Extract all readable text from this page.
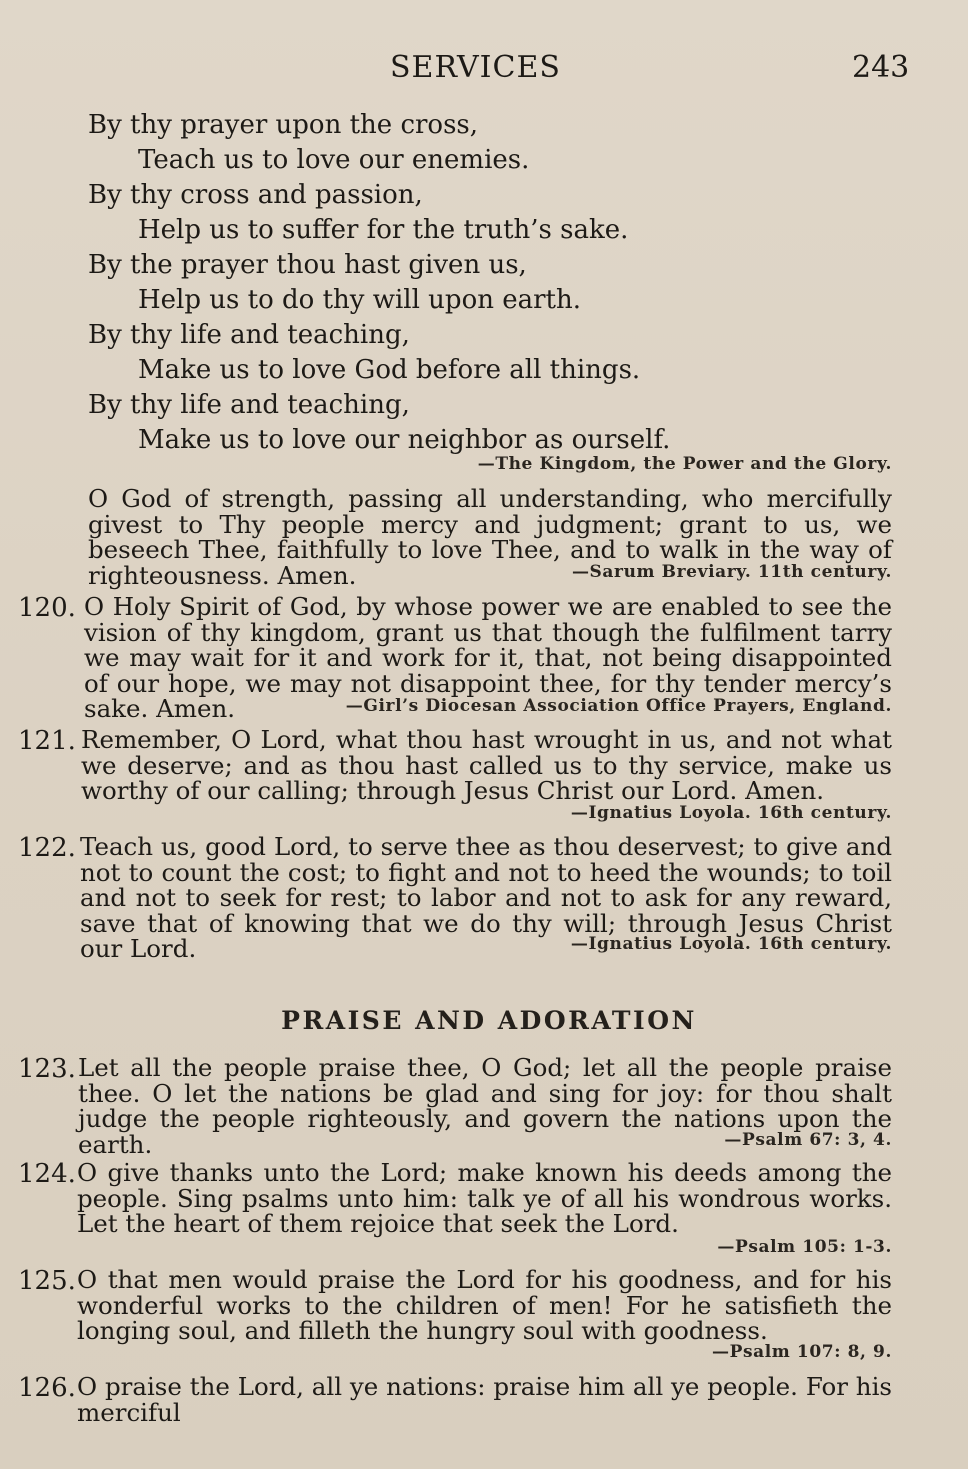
SERVICES	243
By thy prayer upon the cross,
Teach us to love our enemies.
By thy cross and passion,
Help us to suffer for the truth’s sake.
By the prayer thou hast given us,
Help us to do thy will upon earth.
By thy life and teaching,
Make us to love God before all things.
By thy life and teaching,
Make us to love our neighbor as ourself.
—The Kingdom, the Power and the Glory.
O God of strength, passing all understanding, who mercifully givest to Thy people mercy and judgment; grant to us, we beseech Thee, faithfully to love Thee, and to walk in the way of righteousness. Amen.	—Sarum Breviary. 11th century.
120. O Holy Spirit of God, by whose power we are enabled to see the vision of thy kingdom, grant us that though the fulfilment tarry we may wait for it and work for it, that, not being disappointed of our hope, we may not disappoint thee, for thy tender mercy’s sake. Amen.	—Girl’s Diocesan Association Office Prayers, England.
121. Remember, O Lord, what thou hast wrought in us, and not what we deserve; and as thou hast called us to thy service, make us worthy of our calling; through Jesus Christ our Lord. Amen.
—Ignatius Loyola. 16th century.
122. Teach us, good Lord, to serve thee as thou deservest; to give and not to count the cost; to fight and not to heed the wounds; to toil and not to seek for rest; to labor and not to ask for any reward, save that of knowing that we do thy will; through Jesus Christ our Lord.	—Ignatius Loyola. 16th century.
PRAISE AND ADORATION
123. Let all the people praise thee, O God; let all the people praise thee. O let the nations be glad and sing for joy: for thou shalt judge the people righteously, and govern the nations upon the earth.	—Psalm 67: 3, 4.
124. O give thanks unto the Lord; make known his deeds among the people. Sing psalms unto him: talk ye of all his wondrous works. Let the heart of them rejoice that seek the Lord.
—Psalm 105: 1-3.
125. O that men would praise the Lord for his goodness, and for his wonderful works to the children of men! For he satisfieth the longing soul, and filleth the hungry soul with goodness.
—Psalm 107: 8, 9.
126. O praise the Lord, all ye nations: praise him all ye people. For his merciful
